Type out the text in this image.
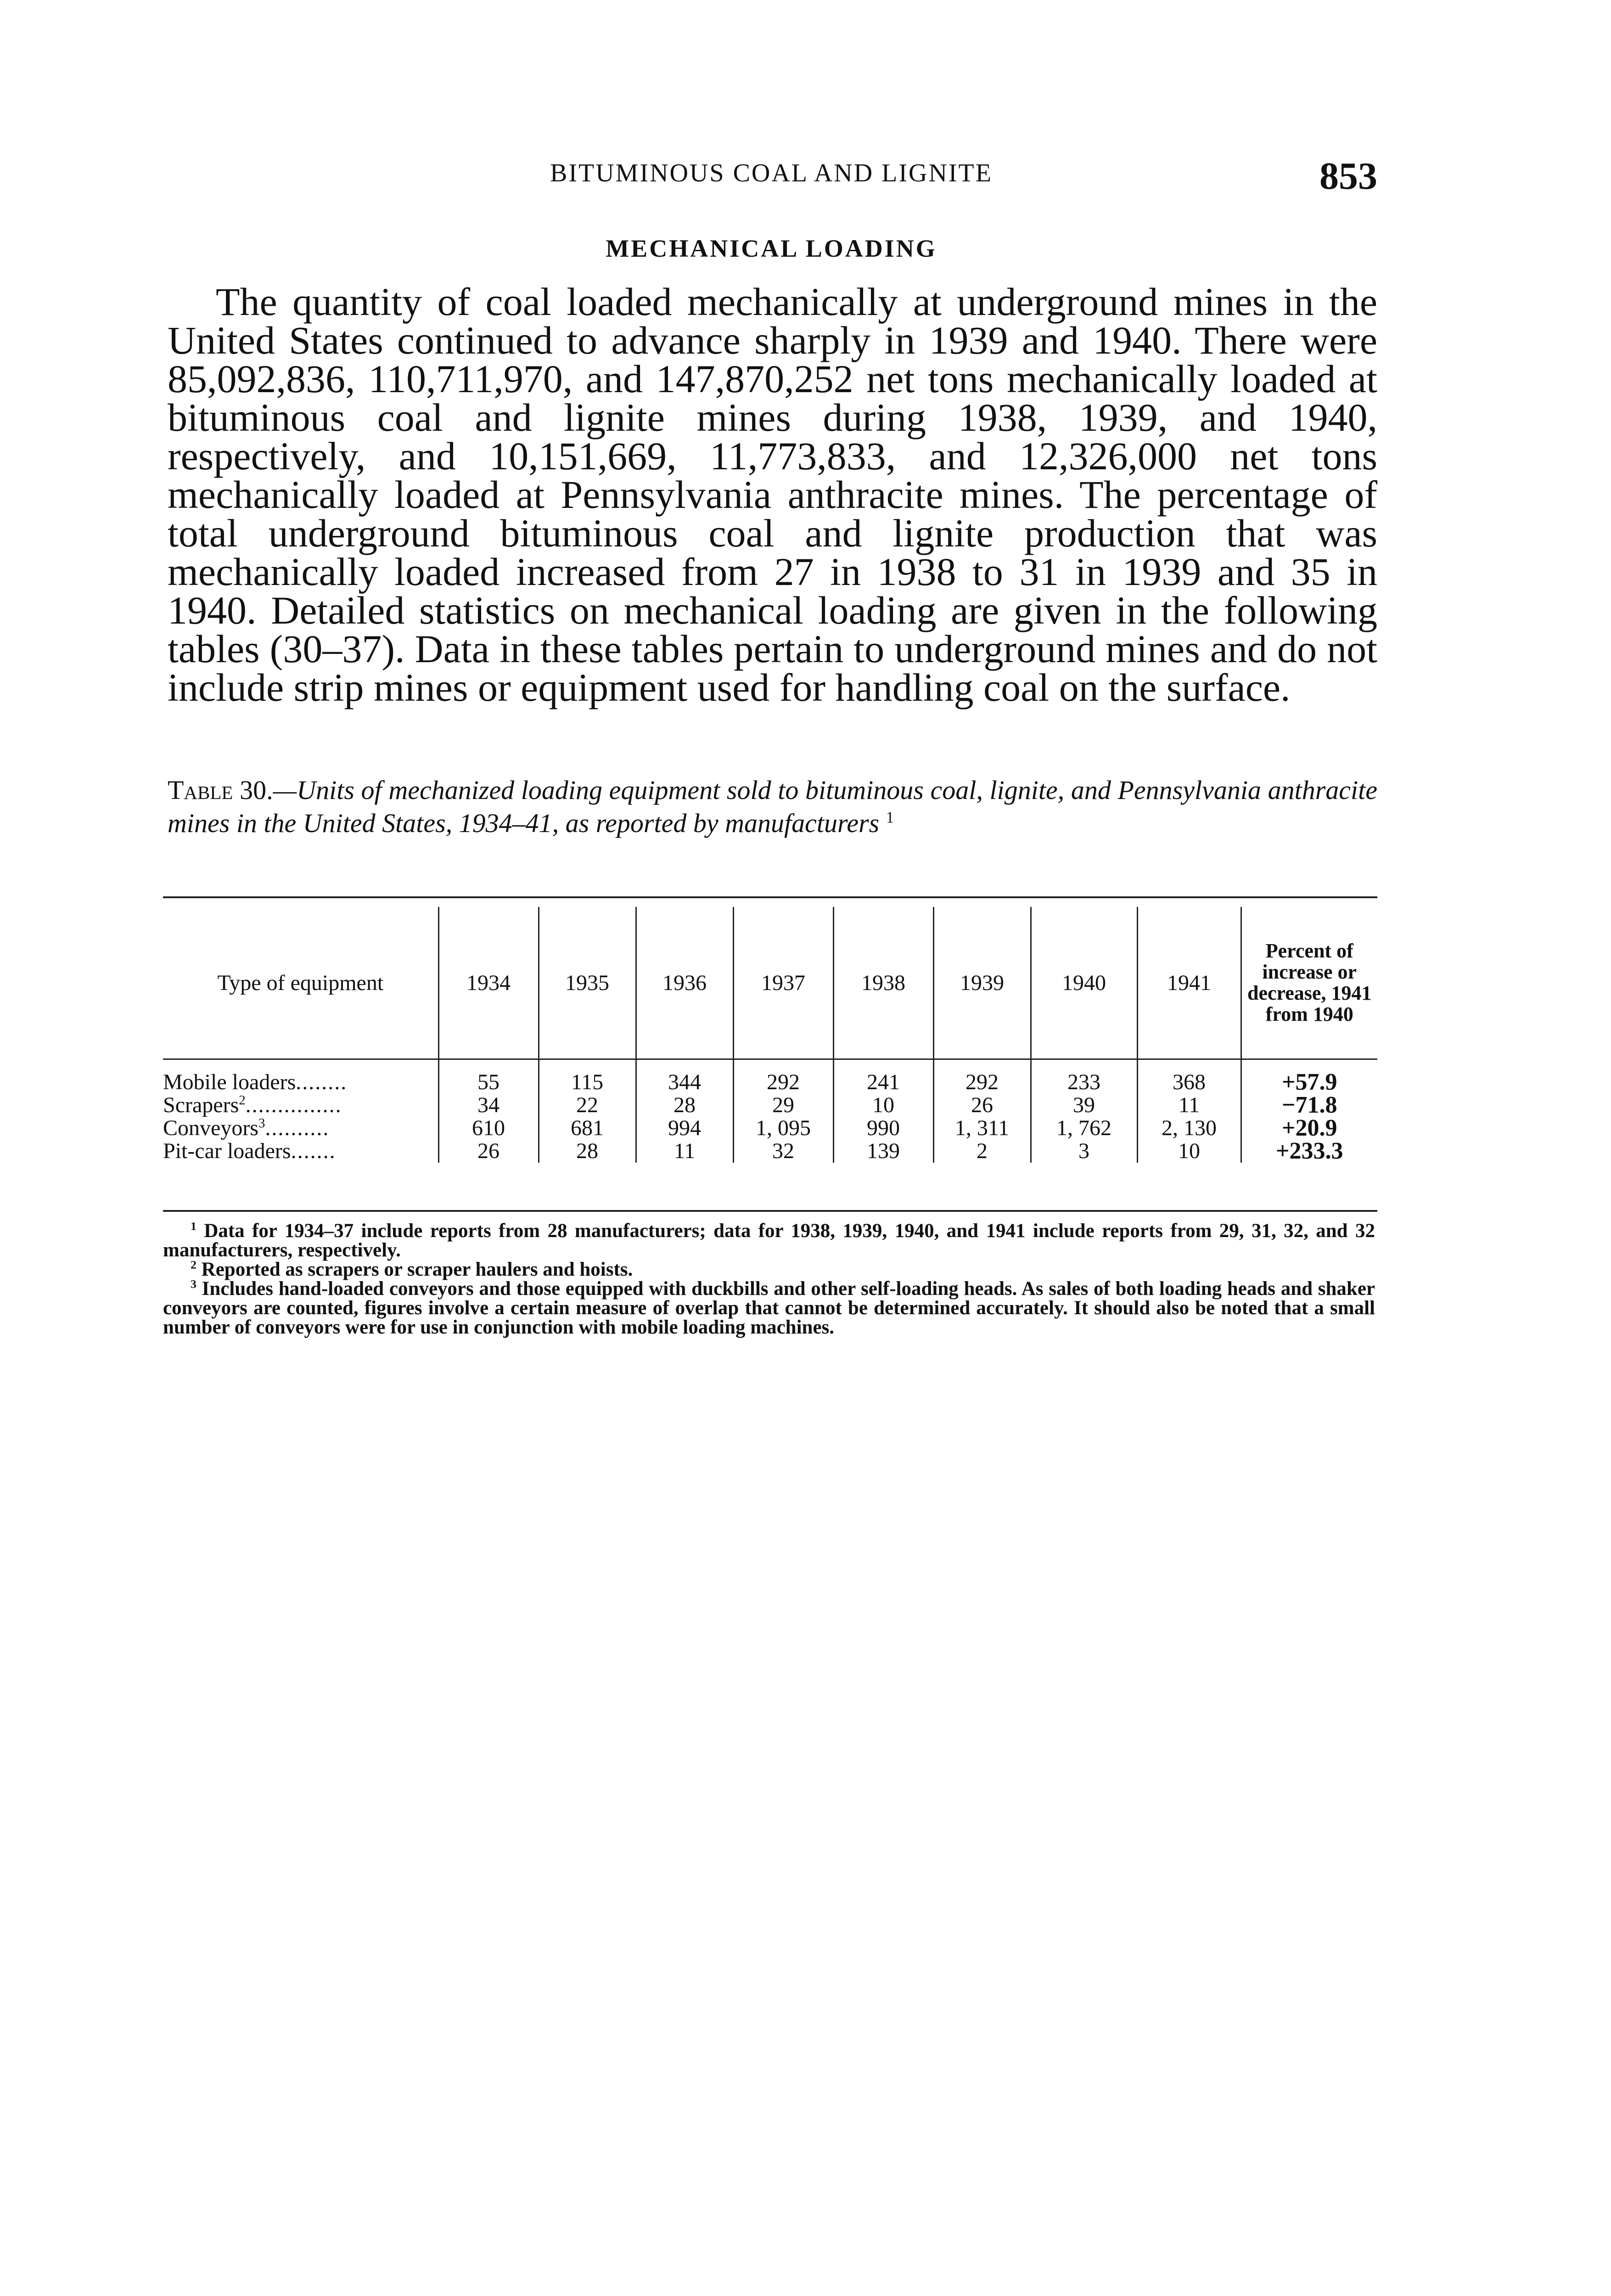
BITUMINOUS COAL AND LIGNITE	853
MECHANICAL LOADING

The quantity of coal loaded mechanically at underground mines in the United States continued to advance sharply in 1939 and 1940. There were 85,092,836, 110,711,970, and 147,870,252 net tons mechanically loaded at bituminous coal and lignite mines during 1938, 1939, and 1940, respectively, and 10,151,669, 11,773,833, and 12,326,000 net tons mechanically loaded at Pennsylvania anthracite mines. The percentage of total underground bituminous coal and lignite production that was mechanically loaded increased from 27 in 1938 to 31 in 1939 and 35 in 1940. Detailed statistics on mechanical loading are given in the following tables (30–37). Data in these tables pertain to underground mines and do not include strip mines or equipment used for handling coal on the surface.

Table 30.—Units of mechanized loading equipment sold to bituminous coal, lignite, and Pennsylvania anthracite mines in the United States, 1934–41, as reported by manufacturers $^1$
Type of equipment	1934	1935	1936	1937	1938	1939	1940	1941	Percent of increase or decrease, 1941 from 1940
Mobile loaders........	55	115	344	292	241	292	233	368	+57.9
Scrapers$^2$...............	34	22	28	29	10	26	39	11	−71.8
Conveyors$^3$..........	610	681	994	1, 095	990	1, 311	1, 762	2, 130	+20.9
Pit-car loaders.......	26	28	11	32	139	2	3	10	+233.3

$^1$ Data for 1934–37 include reports from 28 manufacturers; data for 1938, 1939, 1940, and 1941 include reports from 29, 31, 32, and 32 manufacturers, respectively.

$^2$ Reported as scrapers or scraper haulers and hoists.

$^3$ Includes hand-loaded conveyors and those equipped with duckbills and other self-loading heads. As sales of both loading heads and shaker conveyors are counted, figures involve a certain measure of overlap that cannot be determined accurately. It should also be noted that a small number of conveyors were for use in conjunction with mobile loading machines.
